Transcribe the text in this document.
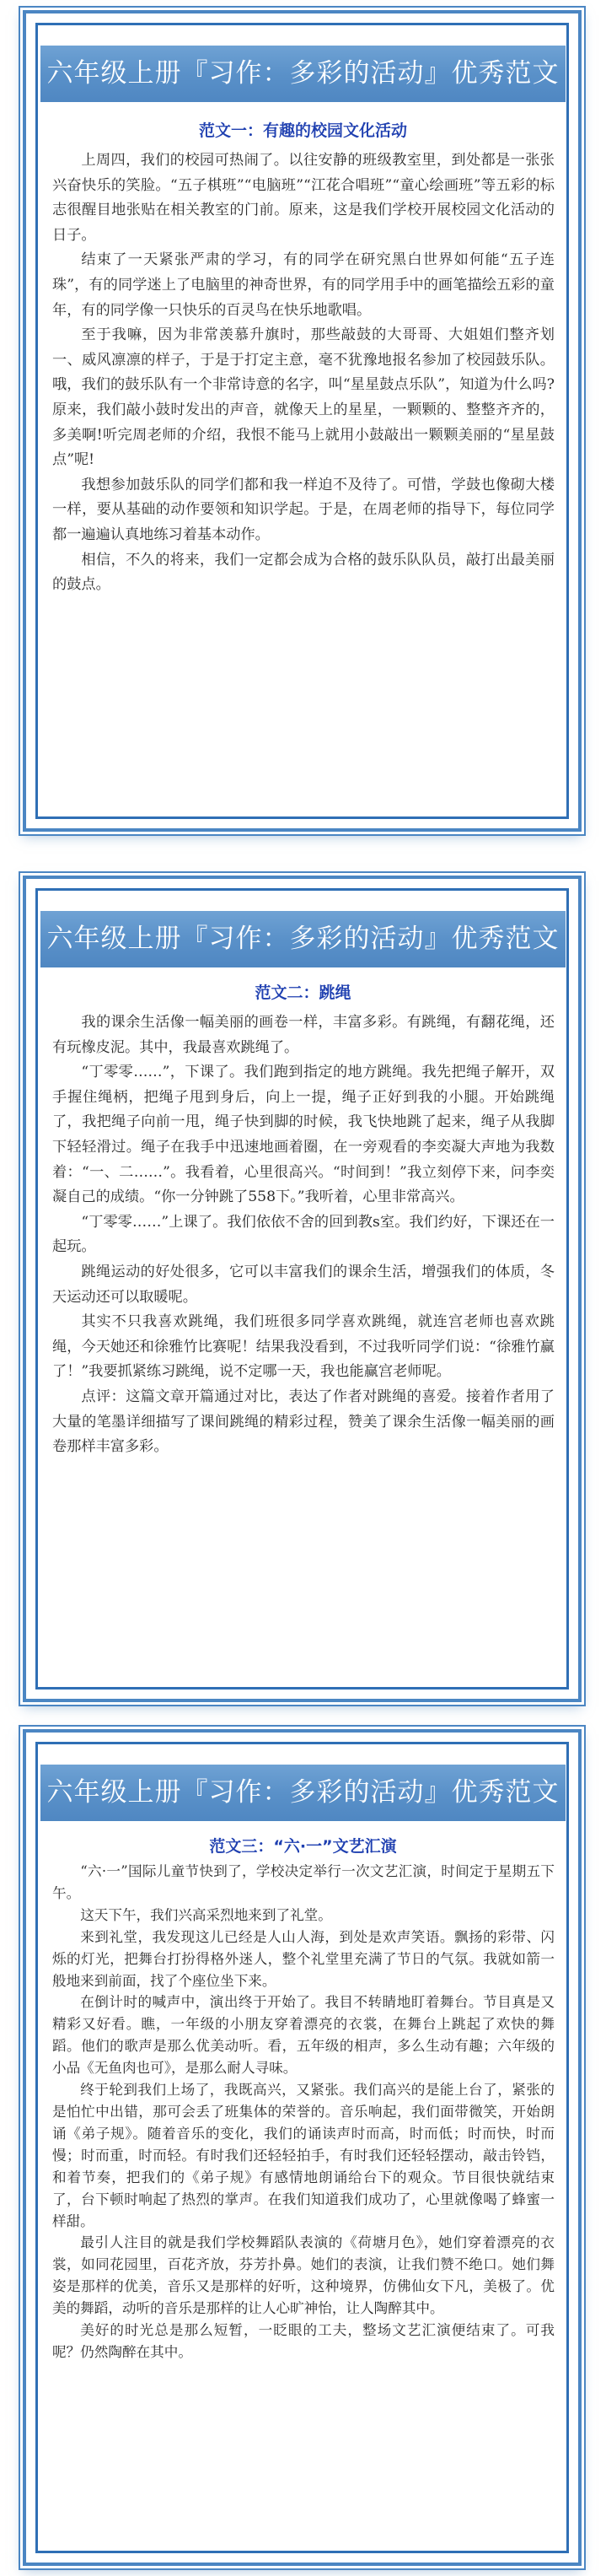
六年级上册『习作：多彩的活动』优秀范文
范文一：有趣的校园文化活动

上周四，我们的校园可热闹了。以往安静的班级教室里，到处都是一张张兴奋快乐的笑脸。“五子棋班”“电脑班”“江花合唱班”“童心绘画班”等五彩的标志很醒目地张贴在相关教室的门前。原来，这是我们学校开展校园文化活动的日子。

结束了一天紧张严肃的学习，有的同学在研究黑白世界如何能“五子连珠”，有的同学迷上了电脑里的神奇世界，有的同学用手中的画笔描绘五彩的童年，有的同学像一只快乐的百灵鸟在快乐地歌唱。

至于我嘛，因为非常羡慕升旗时，那些敲鼓的大哥哥、大姐姐们整齐划一、威风凛凛的样子，于是于打定主意，毫不犹豫地报名参加了校园鼓乐队。哦，我们的鼓乐队有一个非常诗意的名字，叫“星星鼓点乐队”，知道为什么吗?原来，我们敲小鼓时发出的声音，就像天上的星星，一颗颗的、整整齐齐的，多美啊!听完周老师的介绍，我恨不能马上就用小鼓敲出一颗颗美丽的“星星鼓点”呢!

我想参加鼓乐队的同学们都和我一样迫不及待了。可惜，学鼓也像砌大楼一样，要从基础的动作要领和知识学起。于是，在周老师的指导下，每位同学都一遍遍认真地练习着基本动作。

相信，不久的将来，我们一定都会成为合格的鼓乐队队员，敲打出最美丽的鼓点。

六年级上册『习作：多彩的活动』优秀范文
范文二：跳绳

我的课余生活像一幅美丽的画卷一样，丰富多彩。有跳绳，有翻花绳，还有玩橡皮泥。其中，我最喜欢跳绳了。

“丁零零……”，下课了。我们跑到指定的地方跳绳。我先把绳子解开，双手握住绳柄，把绳子甩到身后，向上一提，绳子正好到我的小腿。开始跳绳了，我把绳子向前一甩，绳子快到脚的时候，我飞快地跳了起来，绳子从我脚下轻轻滑过。绳子在我手中迅速地画着圈，在一旁观看的李奕凝大声地为我数着：“一、二……”。我看着，心里很高兴。“时间到！”我立刻停下来，问李奕凝自己的成绩。“你一分钟跳了558下。”我听着，心里非常高兴。

“丁零零……”上课了。我们依依不舍的回到教s室。我们约好，下课还在一起玩。

跳绳运动的好处很多，它可以丰富我们的课余生活，增强我们的体质，冬天运动还可以取暖呢。

其实不只我喜欢跳绳，我们班很多同学喜欢跳绳，就连宫老师也喜欢跳绳，今天她还和徐雅竹比赛呢！结果我没看到，不过我听同学们说：“徐雅竹赢了！”我要抓紧练习跳绳，说不定哪一天，我也能赢宫老师呢。

点评：这篇文章开篇通过对比，表达了作者对跳绳的喜爱。接着作者用了大量的笔墨详细描写了课间跳绳的精彩过程，赞美了课余生活像一幅美丽的画卷那样丰富多彩。

六年级上册『习作：多彩的活动』优秀范文
范文三：“六·一”文艺汇演

“六·一”国际儿童节快到了，学校决定举行一次文艺汇演，时间定于星期五下午。

这天下午，我们兴高采烈地来到了礼堂。

来到礼堂，我发现这儿已经是人山人海，到处是欢声笑语。飘扬的彩带、闪烁的灯光，把舞台打扮得格外迷人，整个礼堂里充满了节日的气氛。我就如箭一般地来到前面，找了个座位坐下来。

在倒计时的喊声中，演出终于开始了。我目不转睛地盯着舞台。节目真是又精彩又好看。瞧，一年级的小朋友穿着漂亮的衣裳，在舞台上跳起了欢快的舞蹈。他们的歌声是那么优美动听。看，五年级的相声，多么生动有趣；六年级的小品《无鱼肉也可》，是那么耐人寻味。

终于轮到我们上场了，我既高兴，又紧张。我们高兴的是能上台了，紧张的是怕忙中出错，那可会丢了班集体的荣誉的。音乐响起，我们面带微笑，开始朗诵《弟子规》。随着音乐的变化，我们的诵读声时而高，时而低；时而快，时而慢；时而重，时而轻。有时我们还轻轻拍手，有时我们还轻轻摆动，敲击铃铛，和着节奏，把我们的《弟子规》有感情地朗诵给台下的观众。节目很快就结束了，台下顿时响起了热烈的掌声。在我们知道我们成功了，心里就像喝了蜂蜜一样甜。

最引人注目的就是我们学校舞蹈队表演的《荷塘月色》，她们穿着漂亮的衣裳，如同花园里，百花齐放，芬芳扑鼻。她们的表演，让我们赞不绝口。她们舞姿是那样的优美，音乐又是那样的好听，这种境界，仿佛仙女下凡，美极了。优美的舞蹈，动听的音乐是那样的让人心旷神怡，让人陶醉其中。

美好的时光总是那么短暂，一眨眼的工夫，整场文艺汇演便结束了。可我呢？仍然陶醉在其中。
